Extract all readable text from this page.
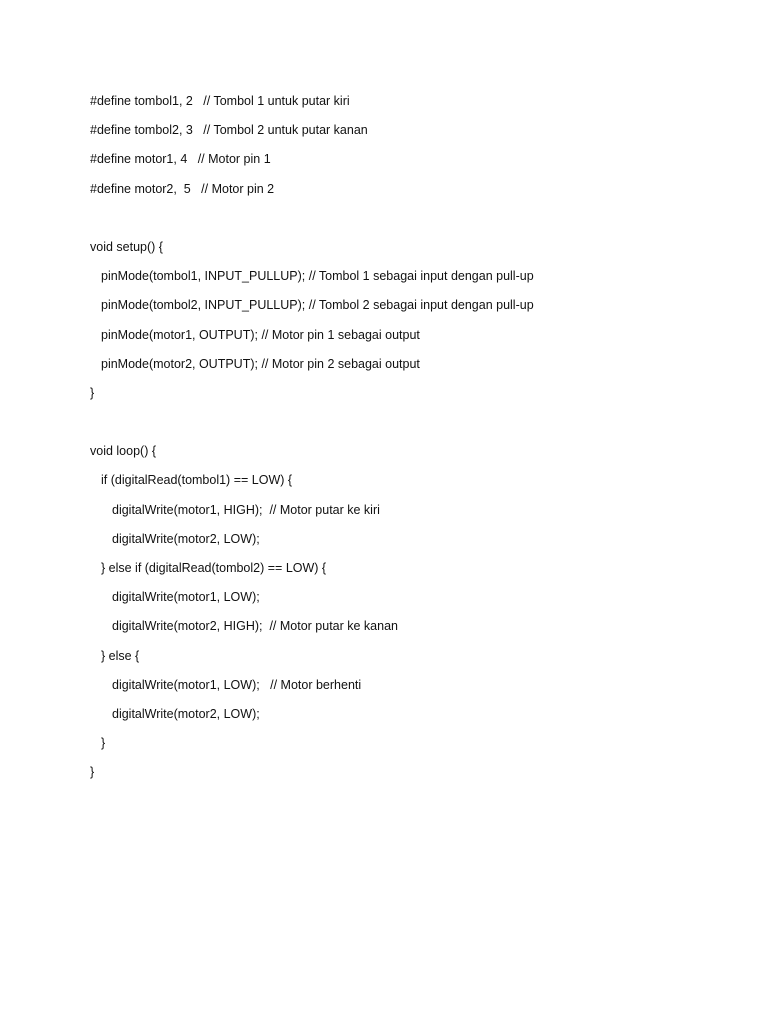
#define tombol1, 2   // Tombol 1 untuk putar kiri
#define tombol2, 3   // Tombol 2 untuk putar kanan
#define motor1, 4   // Motor pin 1
#define motor2,  5   // Motor pin 2
void setup() {
pinMode(tombol1, INPUT_PULLUP); // Tombol 1 sebagai input dengan pull-up
pinMode(tombol2, INPUT_PULLUP); // Tombol 2 sebagai input dengan pull-up
pinMode(motor1, OUTPUT); // Motor pin 1 sebagai output
pinMode(motor2, OUTPUT); // Motor pin 2 sebagai output
}
void loop() {
if (digitalRead(tombol1) == LOW) {
digitalWrite(motor1, HIGH);  // Motor putar ke kiri
digitalWrite(motor2, LOW);
} else if (digitalRead(tombol2) == LOW) {
digitalWrite(motor1, LOW);
digitalWrite(motor2, HIGH);  // Motor putar ke kanan
} else {
digitalWrite(motor1, LOW);   // Motor berhenti
digitalWrite(motor2, LOW);
}
}
